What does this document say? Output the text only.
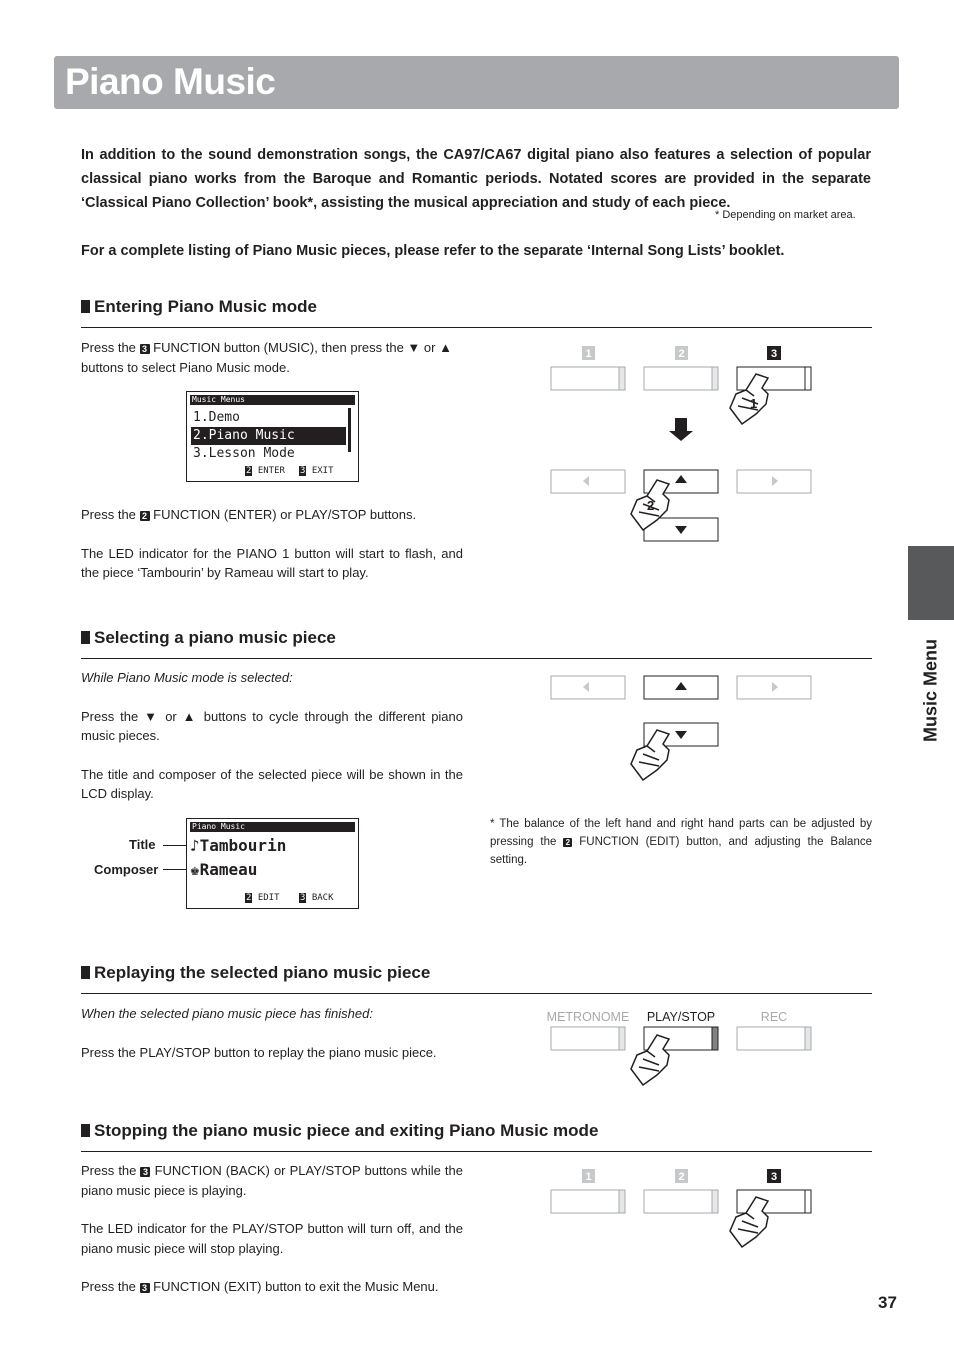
Piano Music
In addition to the sound demonstration songs, the CA97/CA67 digital piano also features a selection of popular classical piano works from the Baroque and Romantic periods. Notated scores are provided in the separate ‘Classical Piano Collection’ book*, assisting the musical appreciation and study of each piece.
* Depending on market area.
For a complete listing of Piano Music pieces, please refer to the separate ‘Internal Song Lists’ booklet.
Music Menu
Entering Piano Music mode

Press the 3 FUNCTION button (MUSIC), then press the ▼ or ▲ buttons to select Piano Music mode.

Music Menus
1.Demo
2.Piano Music
3.Lesson Mode
2 ENTER 3 EXIT

Press the 2 FUNCTION (ENTER) or PLAY/STOP buttons.

The LED indicator for the PIANO 1 button will start to flash, and the piece ‘Tambourin’ by Rameau will start to play.

1	2	3
1
2
Selecting a piano music piece

While Piano Music mode is selected:

Press the ▼ or ▲ buttons to cycle through the different piano music pieces.

The title and composer of the selected piece will be shown in the LCD display.

Title
Composer
Piano Music
♪Tambourin
♚Rameau
2 EDIT 3 BACK
* The balance of the left hand and right hand parts can be adjusted by pressing the 2 FUNCTION (EDIT) button, and adjusting the Balance setting.
Replaying the selected piano music piece

When the selected piano music piece has finished:

Press the PLAY/STOP button to replay the piano music piece.

METRONOME PLAY/STOP	REC
Stopping the piano music piece and exiting Piano Music mode

Press the 3 FUNCTION (BACK) or PLAY/STOP buttons while the piano music piece is playing.

The LED indicator for the PLAY/STOP button will turn off, and the piano music piece will stop playing.

Press the 3 FUNCTION (EXIT) button to exit the Music Menu.

1	2	3
37
